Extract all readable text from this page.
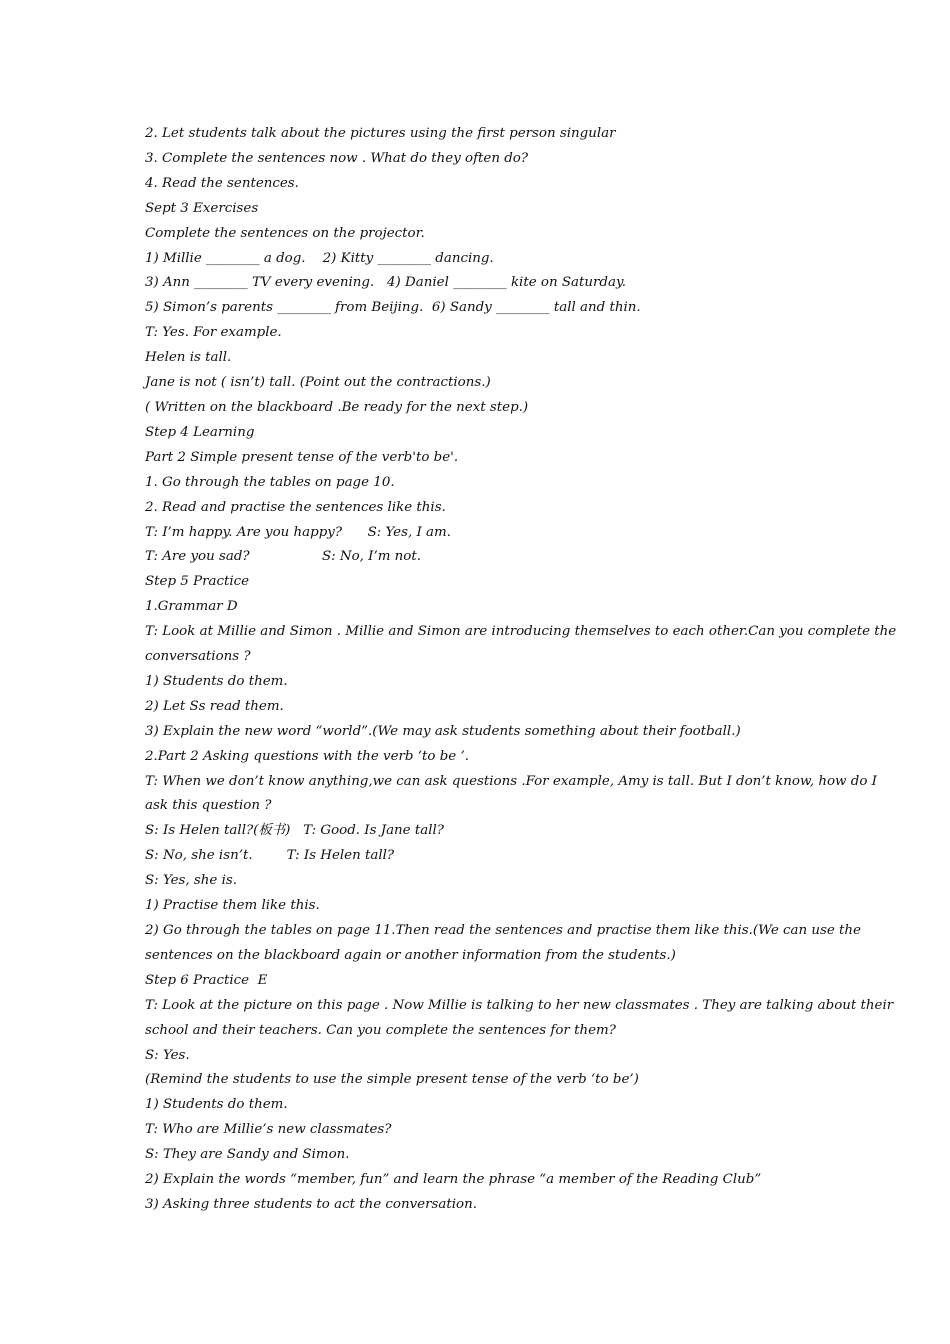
2. Let students talk about the pictures using the first person singular
3. Complete the sentences now . What do they often do?
4. Read the sentences.
Sept 3 Exercises
Complete the sentences on the projector.
1) Millie ________ a dog.    2) Kitty ________ dancing.
3) Ann ________ TV every evening.   4) Daniel ________ kite on Saturday.
5) Simon’s parents ________ from Beijing.  6) Sandy ________ tall and thin.
T: Yes. For example.
Helen is tall.
Jane is not ( isn’t) tall. (Point out the contractions.)
( Written on the blackboard .Be ready for the next step.)
Step 4 Learning
Part 2 Simple present tense of the verb'to be'.
1. Go through the tables on page 10.
2. Read and practise the sentences like this.
T: I’m happy. Are you happy?      S: Yes, I am.
T: Are you sad?                 S: No, I’m not.
Step 5 Practice
1.Grammar D
T: Look at Millie and Simon . Millie and Simon are introducing themselves to each other.Can you complete the
conversations ?
1) Students do them.
2) Let Ss read them.
3) Explain the new word “world”.(We may ask students something about their football.)
2.Part 2 Asking questions with the verb ‘to be ’.
T: When we don’t know anything,we can ask questions .For example, Amy is tall. But I don’t know, how do I
ask this question ?
S: Is Helen tall?(板书)   T: Good. Is Jane tall?
S: No, she isn’t.        T: Is Helen tall?
S: Yes, she is.
1) Practise them like this.
2) Go through the tables on page 11.Then read the sentences and practise them like this.(We can use the
sentences on the blackboard again or another information from the students.)
Step 6 Practice  E
T: Look at the picture on this page . Now Millie is talking to her new classmates . They are talking about their
school and their teachers. Can you complete the sentences for them?
S: Yes.
(Remind the students to use the simple present tense of the verb ‘to be’)
1) Students do them.
T: Who are Millie’s new classmates?
S: They are Sandy and Simon.
2) Explain the words “member, fun” and learn the phrase “a member of the Reading Club”
3) Asking three students to act the conversation.
